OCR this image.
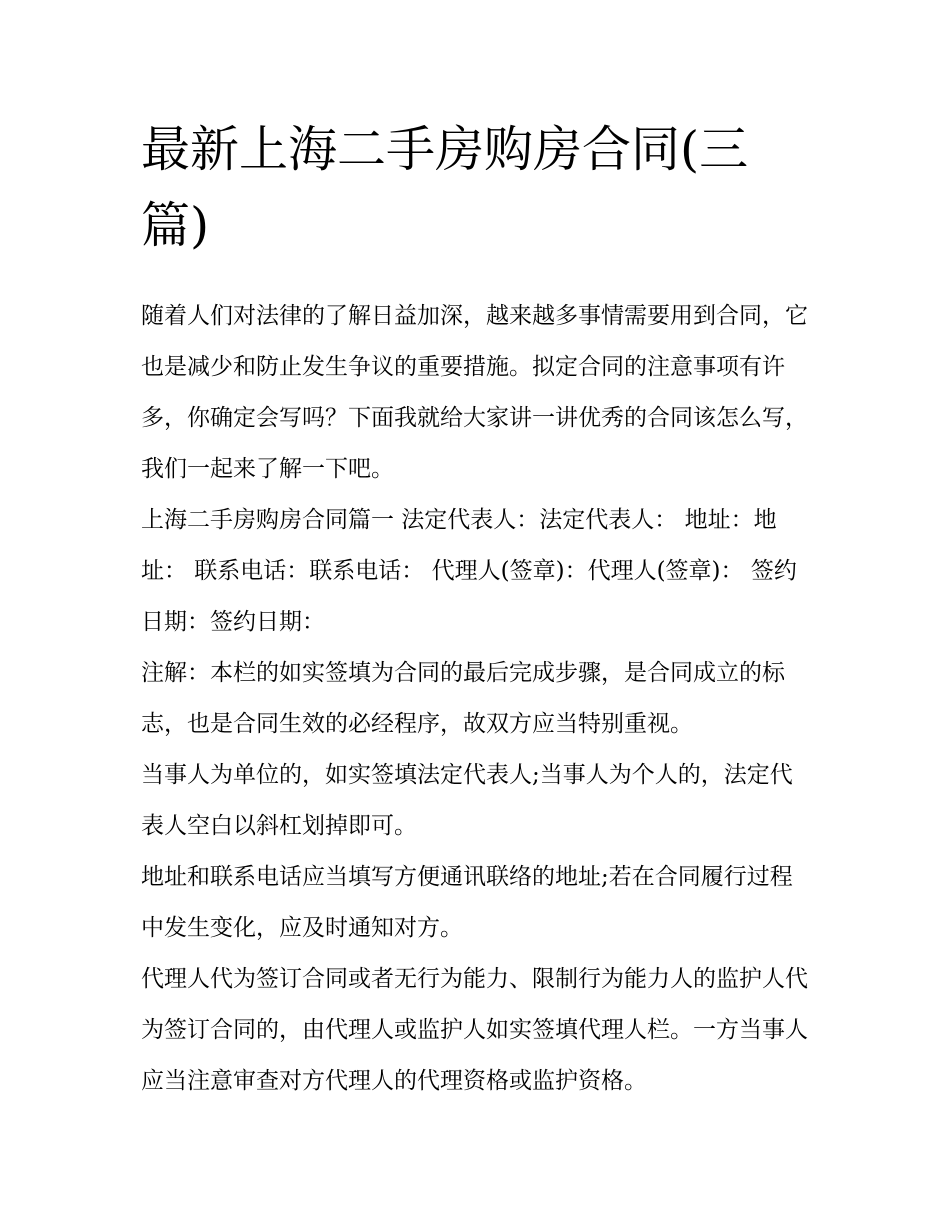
最新上海二手房购房合同(三篇)

随着人们对法律的了解日益加深，越来越多事情需要用到合同，它也是减少和防止发生争议的重要措施。拟定合同的注意事项有许多，你确定会写吗？下面我就给大家讲一讲优秀的合同该怎么写，我们一起来了解一下吧。

上海二手房购房合同篇一 法定代表人：法定代表人： 地址：地址： 联系电话：联系电话： 代理人(签章)：代理人(签章)： 签约日期：签约日期：

注解：本栏的如实签填为合同的最后完成步骤，是合同成立的标志，也是合同生效的必经程序，故双方应当特别重视。

当事人为单位的，如实签填法定代表人;当事人为个人的，法定代表人空白以斜杠划掉即可。

地址和联系电话应当填写方便通讯联络的地址;若在合同履行过程中发生变化，应及时通知对方。

代理人代为签订合同或者无行为能力、限制行为能力人的监护人代为签订合同的，由代理人或监护人如实签填代理人栏。一方当事人应当注意审查对方代理人的代理资格或监护资格。
